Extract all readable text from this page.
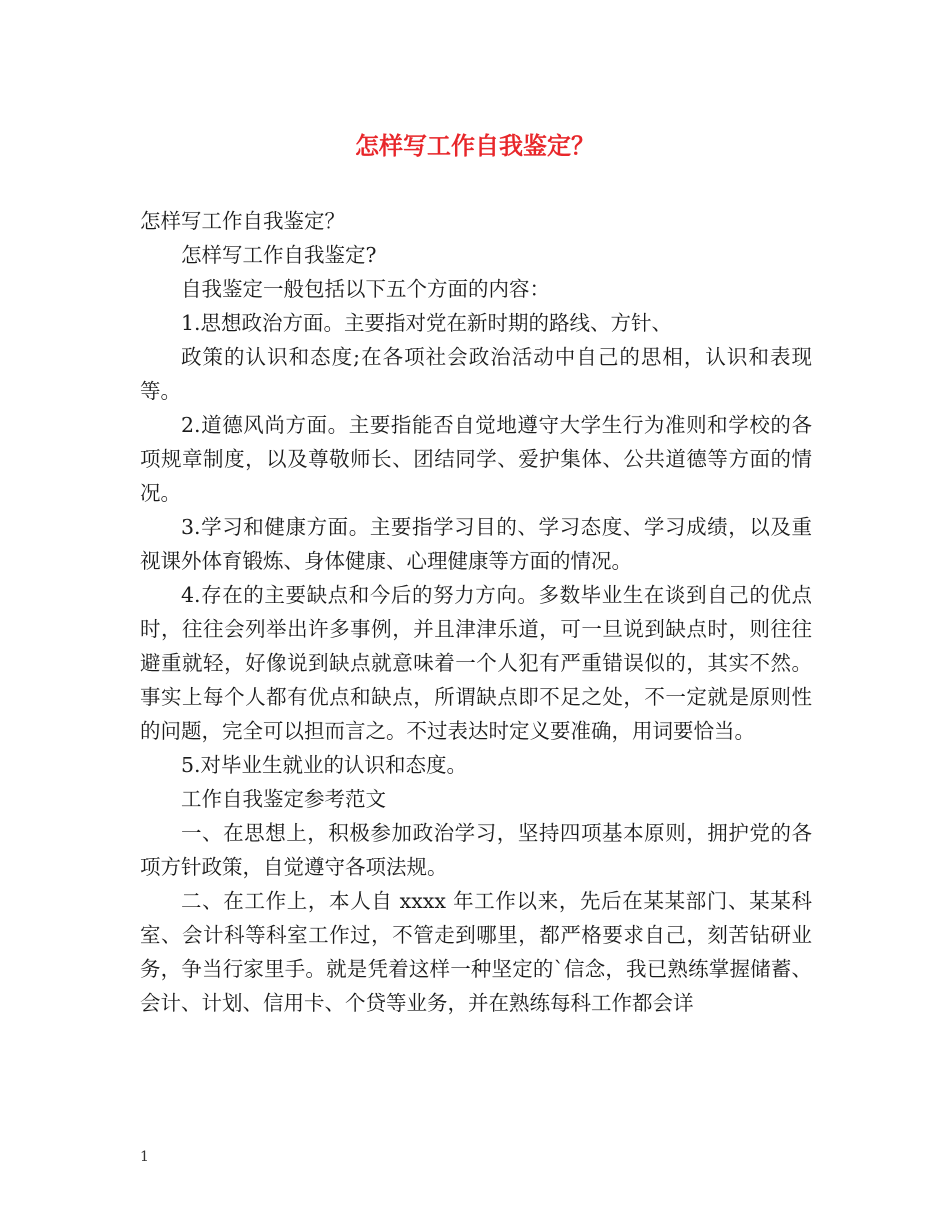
怎样写工作自我鉴定？

怎样写工作自我鉴定？

怎样写工作自我鉴定?

自我鉴定一般包括以下五个方面的内容：

1.思想政治方面。主要指对党在新时期的路线、方针、

政策的认识和态度;在各项社会政治活动中自己的思相，认识和表现等。

2.道德风尚方面。主要指能否自觉地遵守大学生行为准则和学校的各项规章制度，以及尊敬师长、团结同学、爱护集体、公共道德等方面的情况。

3.学习和健康方面。主要指学习目的、学习态度、学习成绩，以及重视课外体育锻炼、身体健康、心理健康等方面的情况。

4.存在的主要缺点和今后的努力方向。多数毕业生在谈到自己的优点时，往往会列举出许多事例，并且津津乐道，可一旦说到缺点时，则往往避重就轻，好像说到缺点就意味着一个人犯有严重错误似的，其实不然。事实上每个人都有优点和缺点，所谓缺点即不足之处，不一定就是原则性的问题，完全可以担而言之。不过表达时定义要准确，用词要恰当。

5.对毕业生就业的认识和态度。

工作自我鉴定参考范文

一、在思想上，积极参加政治学习，坚持四项基本原则，拥护党的各项方针政策，自觉遵守各项法规。

二、在工作上，本人自 xxxx 年工作以来，先后在某某部门、某某科室、会计科等科室工作过，不管走到哪里，都严格要求自己，刻苦钻研业务，争当行家里手。就是凭着这样一种坚定的`信念，我已熟练掌握储蓄、会计、计划、信用卡、个贷等业务，并在熟练每科工作都会详

1
